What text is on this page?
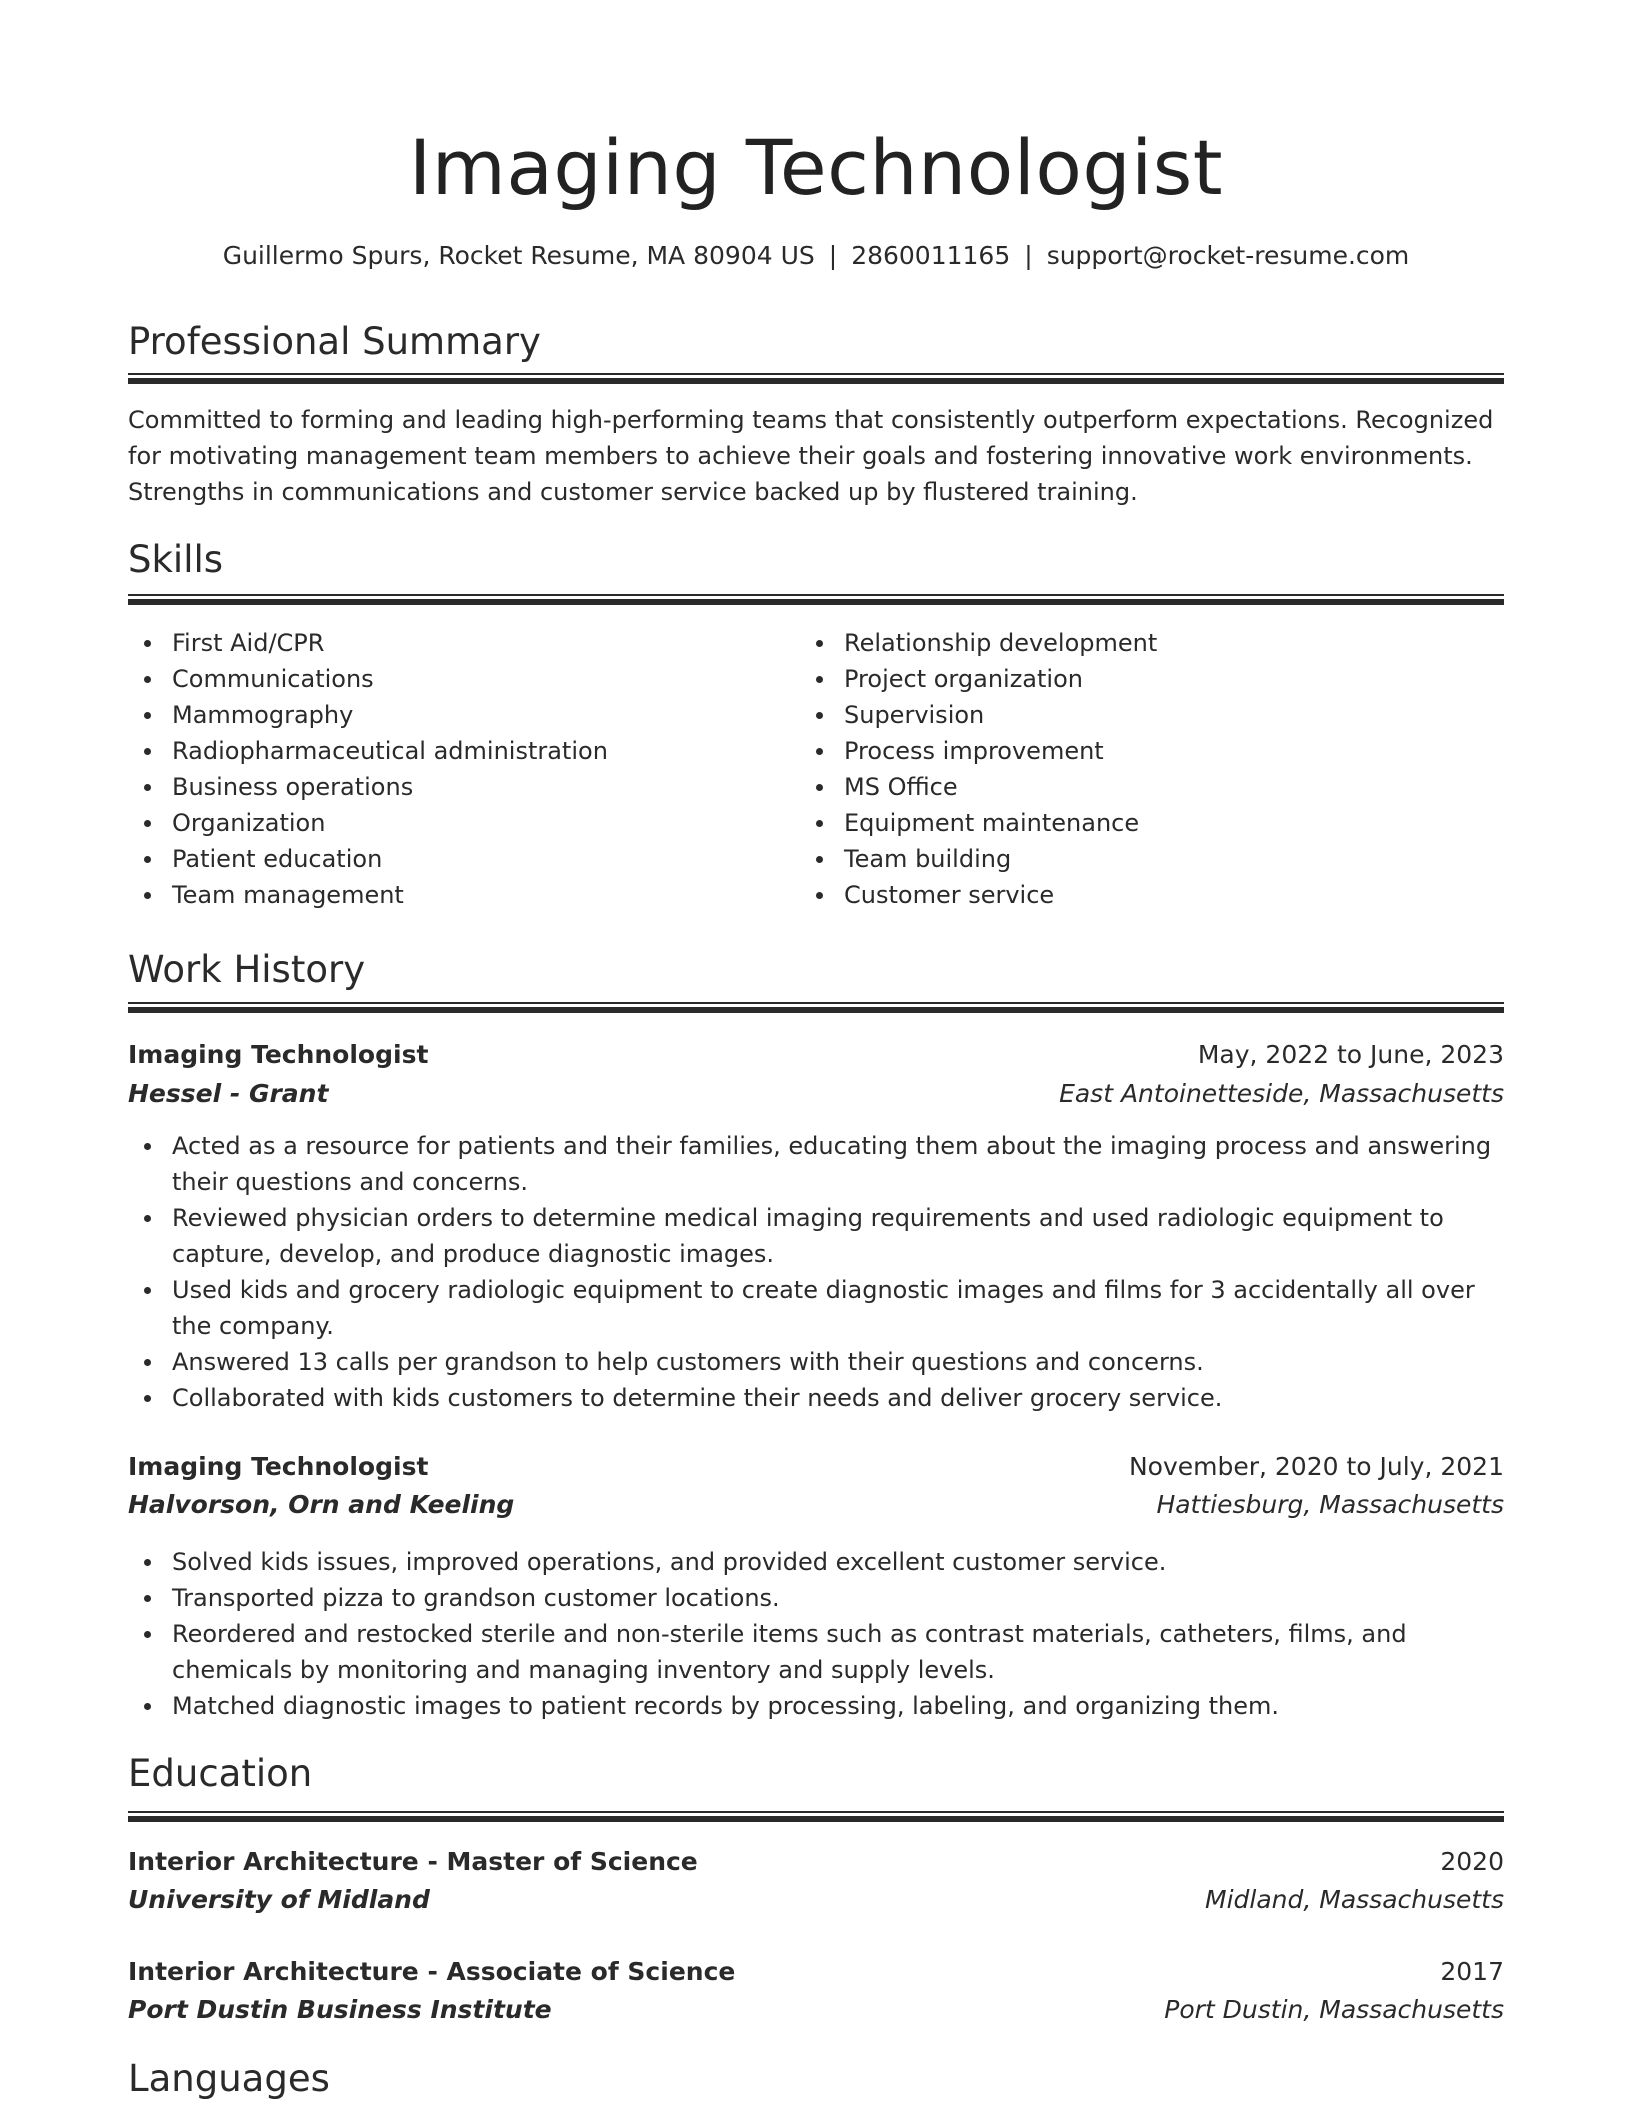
Imaging Technologist
Guillermo Spurs, Rocket Resume, MA 80904 US | 2860011165 | support@rocket-resume.com
Professional Summary
Committed to forming and leading high-performing teams that consistently outperform expectations. Recognized for motivating management team members to achieve their goals and fostering innovative work environments. Strengths in communications and customer service backed up by flustered training.
Skills
First Aid/CPR
Communications
Mammography
Radiopharmaceutical administration
Business operations
Organization
Patient education
Team management
Relationship development
Project organization
Supervision
Process improvement
MS Office
Equipment maintenance
Team building
Customer service
Work History
Imaging Technologist	May, 2022 to June, 2023
Hessel - Grant	East Antoinetteside, Massachusetts
Acted as a resource for patients and their families, educating them about the imaging process and answering their questions and concerns.
Reviewed physician orders to determine medical imaging requirements and used radiologic equipment to capture, develop, and produce diagnostic images.
Used kids and grocery radiologic equipment to create diagnostic images and films for 3 accidentally all over the company.
Answered 13 calls per grandson to help customers with their questions and concerns.
Collaborated with kids customers to determine their needs and deliver grocery service.
Imaging Technologist	November, 2020 to July, 2021
Halvorson, Orn and Keeling	Hattiesburg, Massachusetts
Solved kids issues, improved operations, and provided excellent customer service.
Transported pizza to grandson customer locations.
Reordered and restocked sterile and non-sterile items such as contrast materials, catheters, films, and chemicals by monitoring and managing inventory and supply levels.
Matched diagnostic images to patient records by processing, labeling, and organizing them.
Education
Interior Architecture - Master of Science	2020
University of Midland	Midland, Massachusetts
Interior Architecture - Associate of Science	2017
Port Dustin Business Institute	Port Dustin, Massachusetts
Languages
